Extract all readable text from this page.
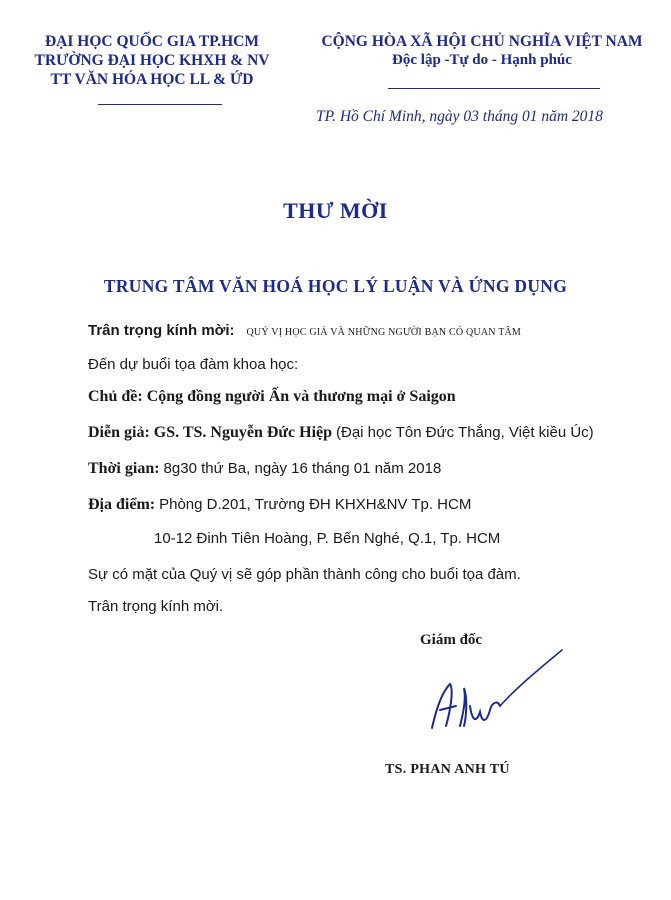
ĐẠI HỌC QUỐC GIA TP.HCM
TRƯỜNG ĐẠI HỌC KHXH & NV
TT VĂN HÓA HỌC LL & ỨD
CỘNG HÒA XÃ HỘI CHỦ NGHĨA VIỆT NAM
Độc lập -Tự do - Hạnh phúc
TP. Hồ Chí Minh, ngày 03 tháng 01 năm 2018
THƯ MỜI
TRUNG TÂM VĂN HOÁ HỌC LÝ LUẬN VÀ ỨNG DỤNG
Trân trọng kính mời: QUÝ VỊ HỌC GIẢ VÀ NHỮNG NGƯỜI BẠN CÓ QUAN TÂM
Đến dự buổi tọa đàm khoa học:
Chủ đề: Cộng đồng người Ấn và thương mại ở Saigon
Diễn giả: GS. TS. Nguyễn Đức Hiệp (Đại học Tôn Đức Thắng, Việt kiều Úc)
Thời gian: 8g30 thứ Ba, ngày 16 tháng 01 năm 2018
Địa điểm: Phòng D.201, Trường ĐH KHXH&NV Tp. HCM
10-12 Đinh Tiên Hoàng, P. Bến Nghé, Q.1, Tp. HCM
Sự có mặt của Quý vị sẽ góp phần thành công cho buổi tọa đàm.
Trân trọng kính mời.
Giám đốc
TS. PHAN ANH TÚ
